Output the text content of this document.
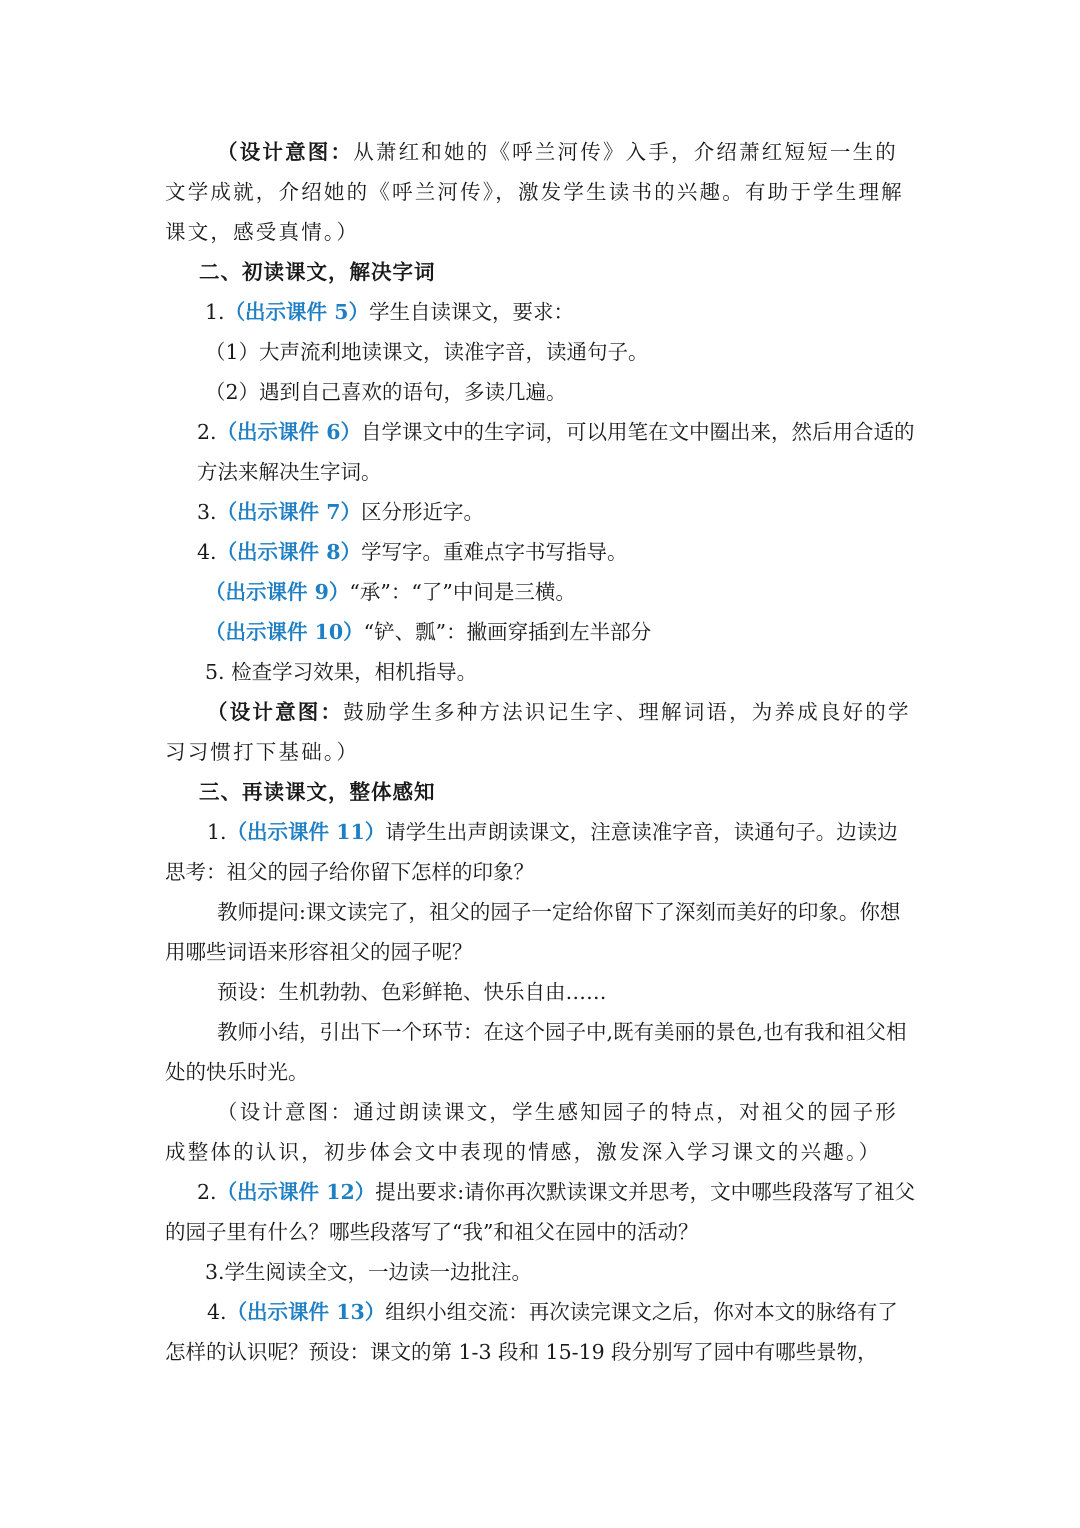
（设计意图：从萧红和她的《呼兰河传》入手，介绍萧红短短一生的文学成就，介绍她的《呼兰河传》，激发学生读书的兴趣。有助于学生理解课文，感受真情。）

二、初读课文，解决字词

1.（出示课件 5）学生自读课文，要求：

（1）大声流利地读课文，读准字音，读通句子。

（2）遇到自己喜欢的语句，多读几遍。

2.（出示课件 6）自学课文中的生字词，可以用笔在文中圈出来，然后用合适的方法来解决生字词。

3.（出示课件 7）区分形近字。

4.（出示课件 8）学写字。重难点字书写指导。

（出示课件 9）“承”：“了”中间是三横。

（出示课件 10）“铲、瓢”：撇画穿插到左半部分

5. 检查学习效果，相机指导。

（设计意图：鼓励学生多种方法识记生字、理解词语，为养成良好的学习习惯打下基础。）

三、再读课文，整体感知

1.（出示课件 11）请学生出声朗读课文，注意读准字音，读通句子。边读边思考：祖父的园子给你留下怎样的印象？

教师提问:课文读完了，祖父的园子一定给你留下了深刻而美好的印象。你想用哪些词语来形容祖父的园子呢？

预设：生机勃勃、色彩鲜艳、快乐自由……

教师小结，引出下一个环节：在这个园子中,既有美丽的景色,也有我和祖父相处的快乐时光。

（设计意图：通过朗读课文，学生感知园子的特点，对祖父的园子形成整体的认识，初步体会文中表现的情感，激发深入学习课文的兴趣。）

2.（出示课件 12）提出要求:请你再次默读课文并思考，文中哪些段落写了祖父的园子里有什么？哪些段落写了“我”和祖父在园中的活动？

3.学生阅读全文，一边读一边批注。

4.（出示课件 13）组织小组交流：再次读完课文之后，你对本文的脉络有了怎样的认识呢？预设：课文的第 1-3 段和 15-19 段分别写了园中有哪些景物，
